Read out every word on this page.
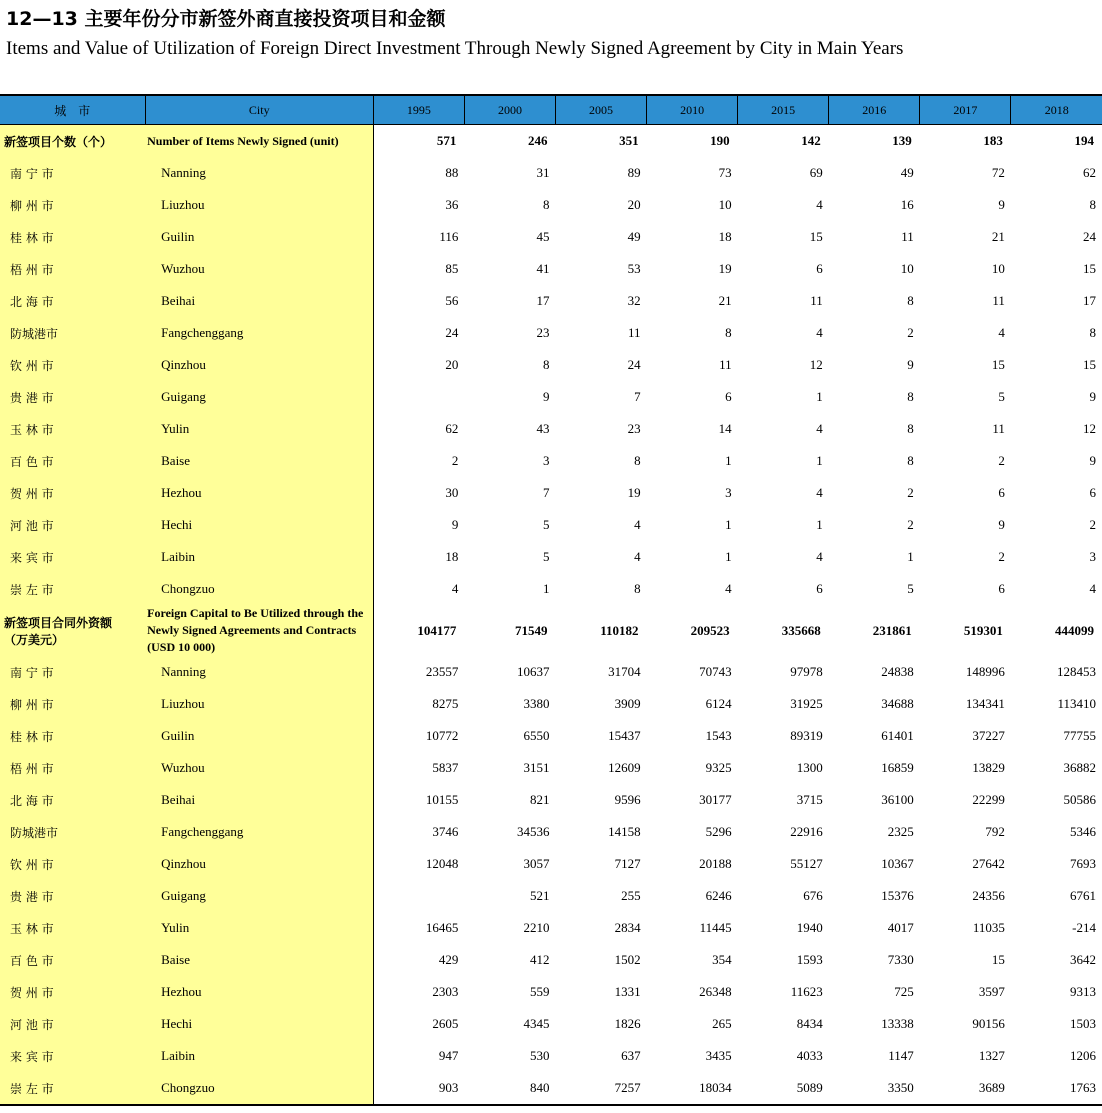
12—13 主要年份分市新签外商直接投资项目和金额
Items and Value of Utilization of Foreign Direct Investment Through Newly Signed Agreement by City in Main Years
城　市	City	1995	2000	2005	2010	2015	2016	2017	2018
新签项目个数（个）	Number of Items Newly Signed (unit)	571	246	351	190	142	139	183	194
南 宁 市	Nanning	88	31	89	73	69	49	72	62
柳 州 市	Liuzhou	36	8	20	10	4	16	9	8
桂 林 市	Guilin	116	45	49	18	15	11	21	24
梧 州 市	Wuzhou	85	41	53	19	6	10	10	15
北 海 市	Beihai	56	17	32	21	11	8	11	17
防城港市	Fangchenggang	24	23	11	8	4	2	4	8
钦 州 市	Qinzhou	20	8	24	11	12	9	15	15
贵 港 市	Guigang		9	7	6	1	8	5	9
玉 林 市	Yulin	62	43	23	14	4	8	11	12
百 色 市	Baise	2	3	8	1	1	8	2	9
贺 州 市	Hezhou	30	7	19	3	4	2	6	6
河 池 市	Hechi	9	5	4	1	1	2	9	2
来 宾 市	Laibin	18	5	4	1	4	1	2	3
崇 左 市	Chongzuo	4	1	8	4	6	5	6	4
新签项目合同外资额
（万美元）	Foreign Capital to Be Utilized through the Newly Signed Agreements and Contracts (USD 10 000)	104177	71549	110182	209523	335668	231861	519301	444099
南 宁 市	Nanning	23557	10637	31704	70743	97978	24838	148996	128453
柳 州 市	Liuzhou	8275	3380	3909	6124	31925	34688	134341	113410
桂 林 市	Guilin	10772	6550	15437	1543	89319	61401	37227	77755
梧 州 市	Wuzhou	5837	3151	12609	9325	1300	16859	13829	36882
北 海 市	Beihai	10155	821	9596	30177	3715	36100	22299	50586
防城港市	Fangchenggang	3746	34536	14158	5296	22916	2325	792	5346
钦 州 市	Qinzhou	12048	3057	7127	20188	55127	10367	27642	7693
贵 港 市	Guigang		521	255	6246	676	15376	24356	6761
玉 林 市	Yulin	16465	2210	2834	11445	1940	4017	11035	-214
百 色 市	Baise	429	412	1502	354	1593	7330	15	3642
贺 州 市	Hezhou	2303	559	1331	26348	11623	725	3597	9313
河 池 市	Hechi	2605	4345	1826	265	8434	13338	90156	1503
来 宾 市	Laibin	947	530	637	3435	4033	1147	1327	1206
崇 左 市	Chongzuo	903	840	7257	18034	5089	3350	3689	1763
